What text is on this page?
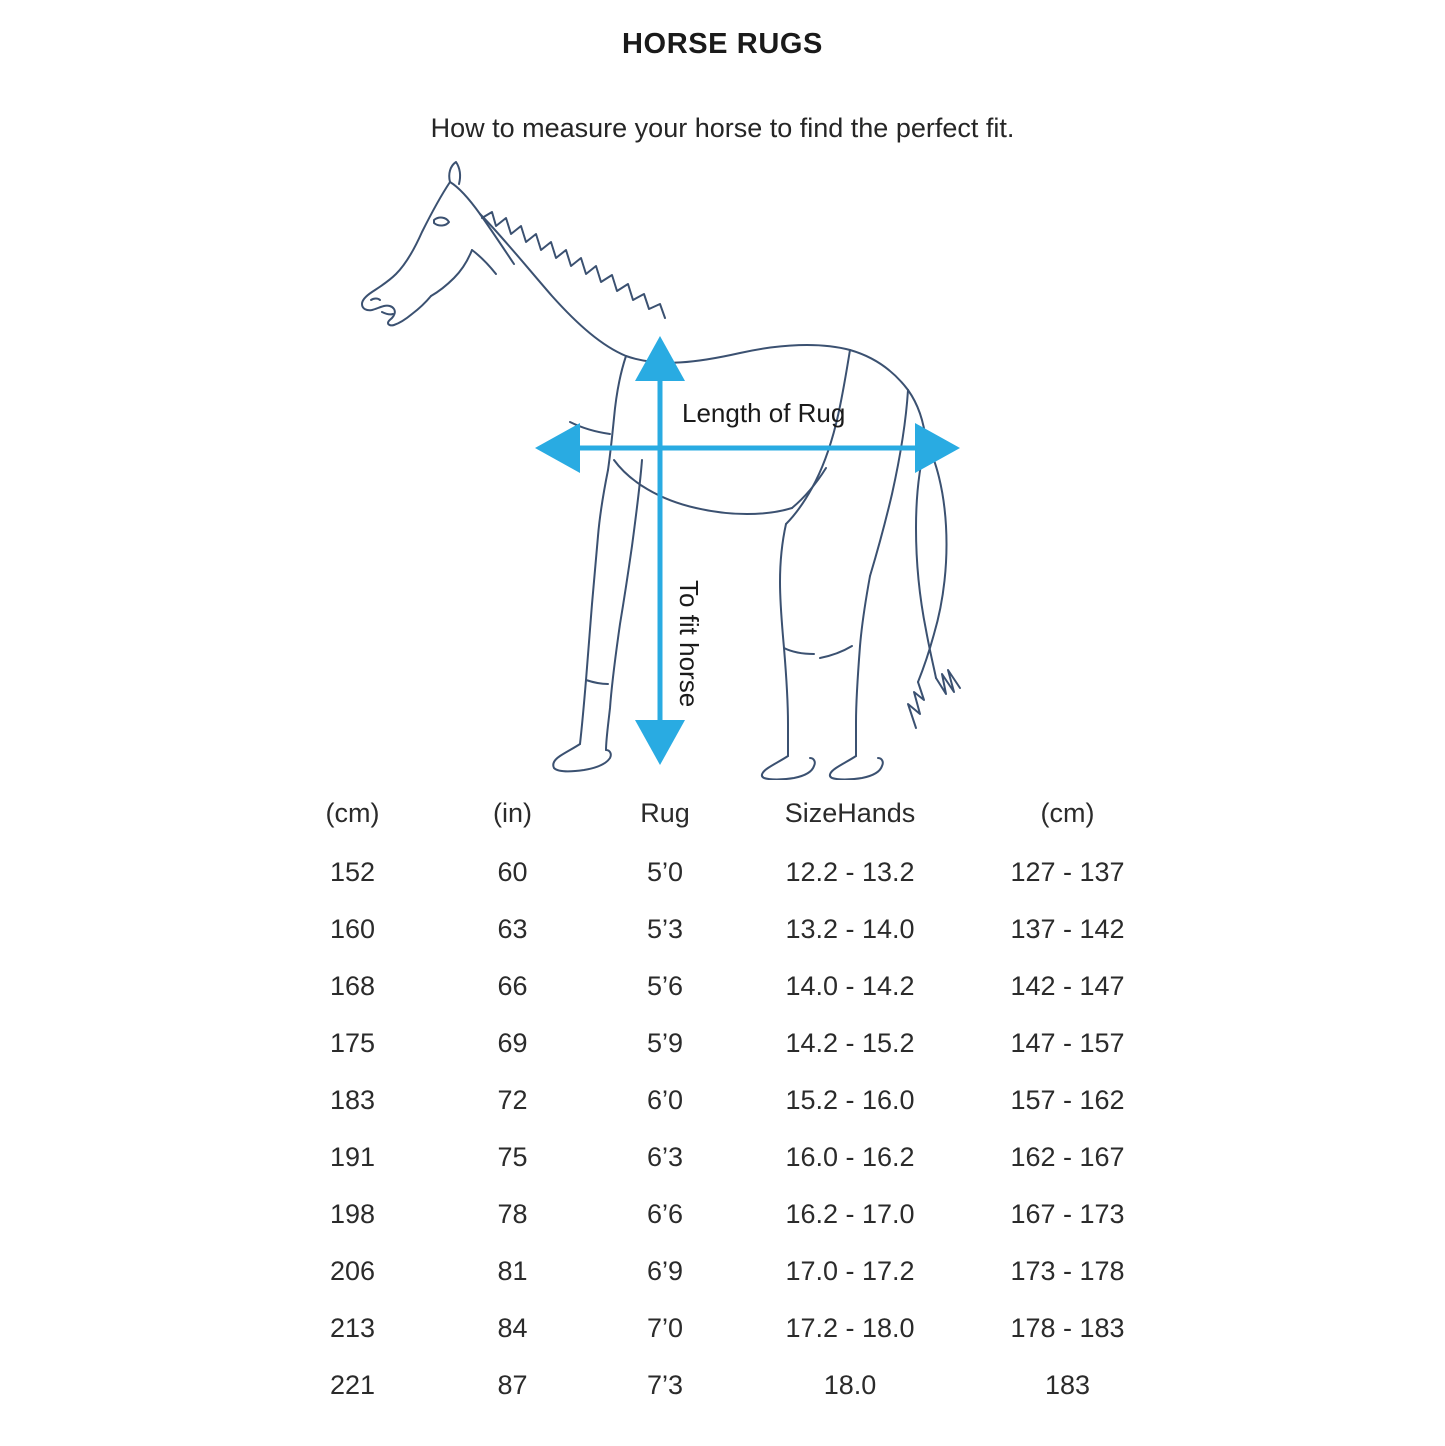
HORSE RUGS
How to measure your horse to find the perfect fit.
Length of Rug
To fit horse
(cm)	(in)	Rug	SizeHands	(cm)
152	60	5’0	12.2 - 13.2	127 - 137
160	63	5’3	13.2 - 14.0	137 - 142
168	66	5’6	14.0 - 14.2	142 - 147
175	69	5’9	14.2 - 15.2	147 - 157
183	72	6’0	15.2 - 16.0	157 - 162
191	75	6’3	16.0 - 16.2	162 - 167
198	78	6’6	16.2 - 17.0	167 - 173
206	81	6’9	17.0 - 17.2	173 - 178
213	84	7’0	17.2 - 18.0	178 - 183
221	87	7’3	18.0	183
